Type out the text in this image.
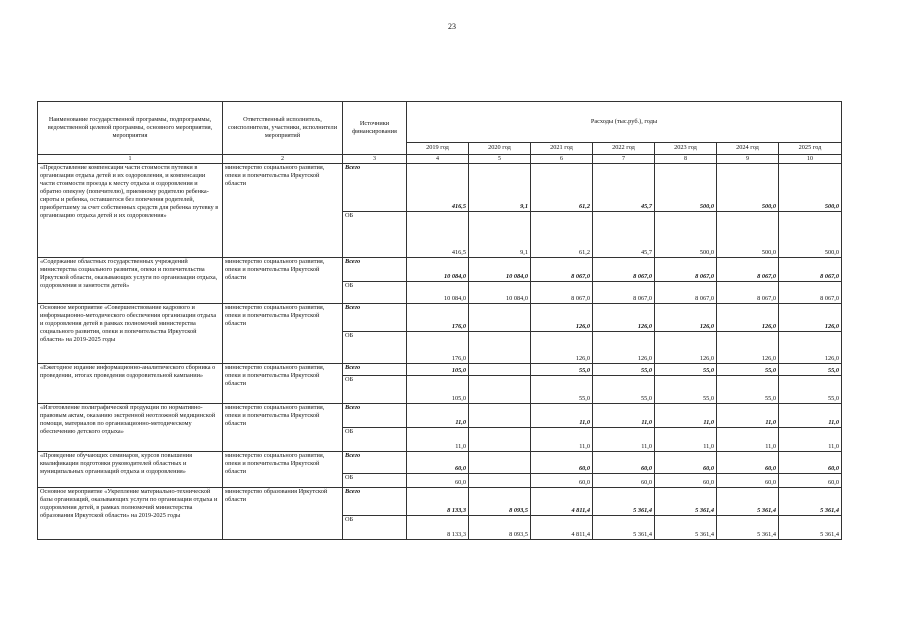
23
Наименование государственной программы, подпрограммы, ведомственной целевой программы, основного мероприятия, мероприятия	Ответственный исполнитель, соисполнители, участники, исполнители мероприятий	Источники финансирования	Расходы (тыс.руб.), годы						
			2019 год	2020 год	2021 год	2022 год	2023 год	2024 год	2025 год
1	2	3	4	5	6	7	8	9	10
«Предоставление компенсации части стоимости путевки в организации отдыха детей и их оздоровления, и компенсации части стоимости проезда к месту отдыха и оздоровления и обратно опекуну (попечителю), приемному родителю ребенка-сироты и ребенка, оставшегося без попечения родителей, приобретшему за счет собственных средств для ребенка путевку в организацию отдыха детей и их оздоровления»	министерство социального развития, опеки и попечительства Иркутской области	Всего	416,5	9,1	61,2	45,7	500,0	500,0	500,0
		ОБ	416,5	9,1	61,2	45,7	500,0	500,0	500,0
«Содержание областных государственных учреждений министерства социального развития, опеки и попечительства Иркутской области, оказывающих услуги по организации отдыха, оздоровления и занятости детей»	министерство социального развития, опеки и попечительства Иркутской области	Всего	10 084,0	10 084,0	8 067,0	8 067,0	8 067,0	8 067,0	8 067,0
		ОБ	10 084,0	10 084,0	8 067,0	8 067,0	8 067,0	8 067,0	8 067,0
Основное мероприятие «Совершенствование кадрового и информационно-методического обеспечения организации отдыха и оздоровления детей в рамках полномочий министерства социального развития, опеки и попечительства Иркутской области» на 2019-2025 годы	министерство социального развития, опеки и попечительства Иркутской области	Всего	176,0		126,0	126,0	126,0	126,0	126,0
		ОБ	176,0		126,0	126,0	126,0	126,0	126,0
«Ежегодное издание информационно-аналитического сборника о проведении, итогах проведения оздоровительной кампании»	министерство социального развития, опеки и попечительства Иркутской области	Всего	105,0		55,0	55,0	55,0	55,0	55,0
		ОБ	105,0		55,0	55,0	55,0	55,0	55,0
«Изготовление полиграфической продукции по нормативно-правовым актам, оказанию экстренной неотложной медицинской помощи, материалов по организационно-методическому обеспечению детского отдыха»	министерство социального развития, опеки и попечительства Иркутской области	Всего	11,0		11,0	11,0	11,0	11,0	11,0
		ОБ	11,0		11,0	11,0	11,0	11,0	11,0
«Проведение обучающих семинаров, курсов повышения квалификации подготовки руководителей областных и муниципальных организаций отдыха и оздоровления»	министерство социального развития, опеки и попечительства Иркутской области	Всего	60,0		60,0	60,0	60,0	60,0	60,0
		ОБ	60,0		60,0	60,0	60,0	60,0	60,0
Основное мероприятие «Укрепление материально-технической базы организаций, оказывающих услуги по организации отдыха и оздоровления детей, в рамках полномочий министерства образования Иркутской области» на 2019-2025 годы	министерство образования Иркутской области	Всего	8 133,3	8 093,5	4 811,4	5 361,4	5 361,4	5 361,4	5 361,4
		ОБ	8 133,3	8 093,5	4 811,4	5 361,4	5 361,4	5 361,4	5 361,4
